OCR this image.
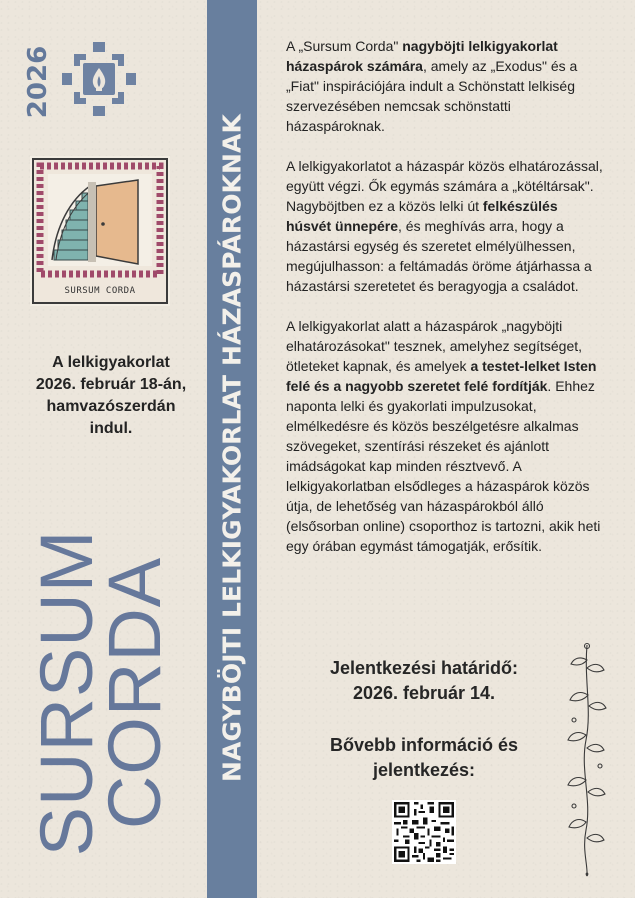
2026
SURSUM CORDA
A lelkigyakorlat
2026. február 18-án,
hamvazószerdán
indul.
SURSUM
CORDA NAGYBÖJTI LELKIGYAKORLAT HÁZASPÁROKNAK

A „Sursum Corda" nagyböjti lelkigyakorlat házaspárok számára, amely az „Exodus" és a „Fiat" inspirációjára indult a Schönstatt lelkiség szervezésében nemcsak schönstatti házaspároknak.

A lelkigyakorlatot a házaspár közös elhatározással, együtt végzi. Ők egymás számára a „kötéltársak". Nagyböjtben ez a közös lelki út felkészülés húsvét ünnepére, és meghívás arra, hogy a házastársi egység és szeretet elmélyülhessen, megújulhasson: a feltámadás öröme átjárhassa a házastársi szeretetet és beragyogja a családot.

A lelkigyakorlat alatt a házaspárok „nagyböjti elhatározásokat" tesznek, amelyhez segítséget, ötleteket kapnak, és amelyek a testet-lelket Isten felé és a nagyobb szeretet felé fordítják. Ehhez naponta lelki és gyakorlati impulzusokat, elmélkedésre és közös beszélgetésre alkalmas szövegeket, szentírási részeket és ajánlott imádságokat kap minden résztvevő. A lelkigyakorlatban elsődleges a házaspárok közös útja, de lehetőség van házaspárokból álló (elsősorban online) csoporthoz is tartozni, akik heti egy órában egymást támogatják, erősítik.

Jelentkezési határidő:
2026. február 14.
Bővebb információ és
jelentkezés:
